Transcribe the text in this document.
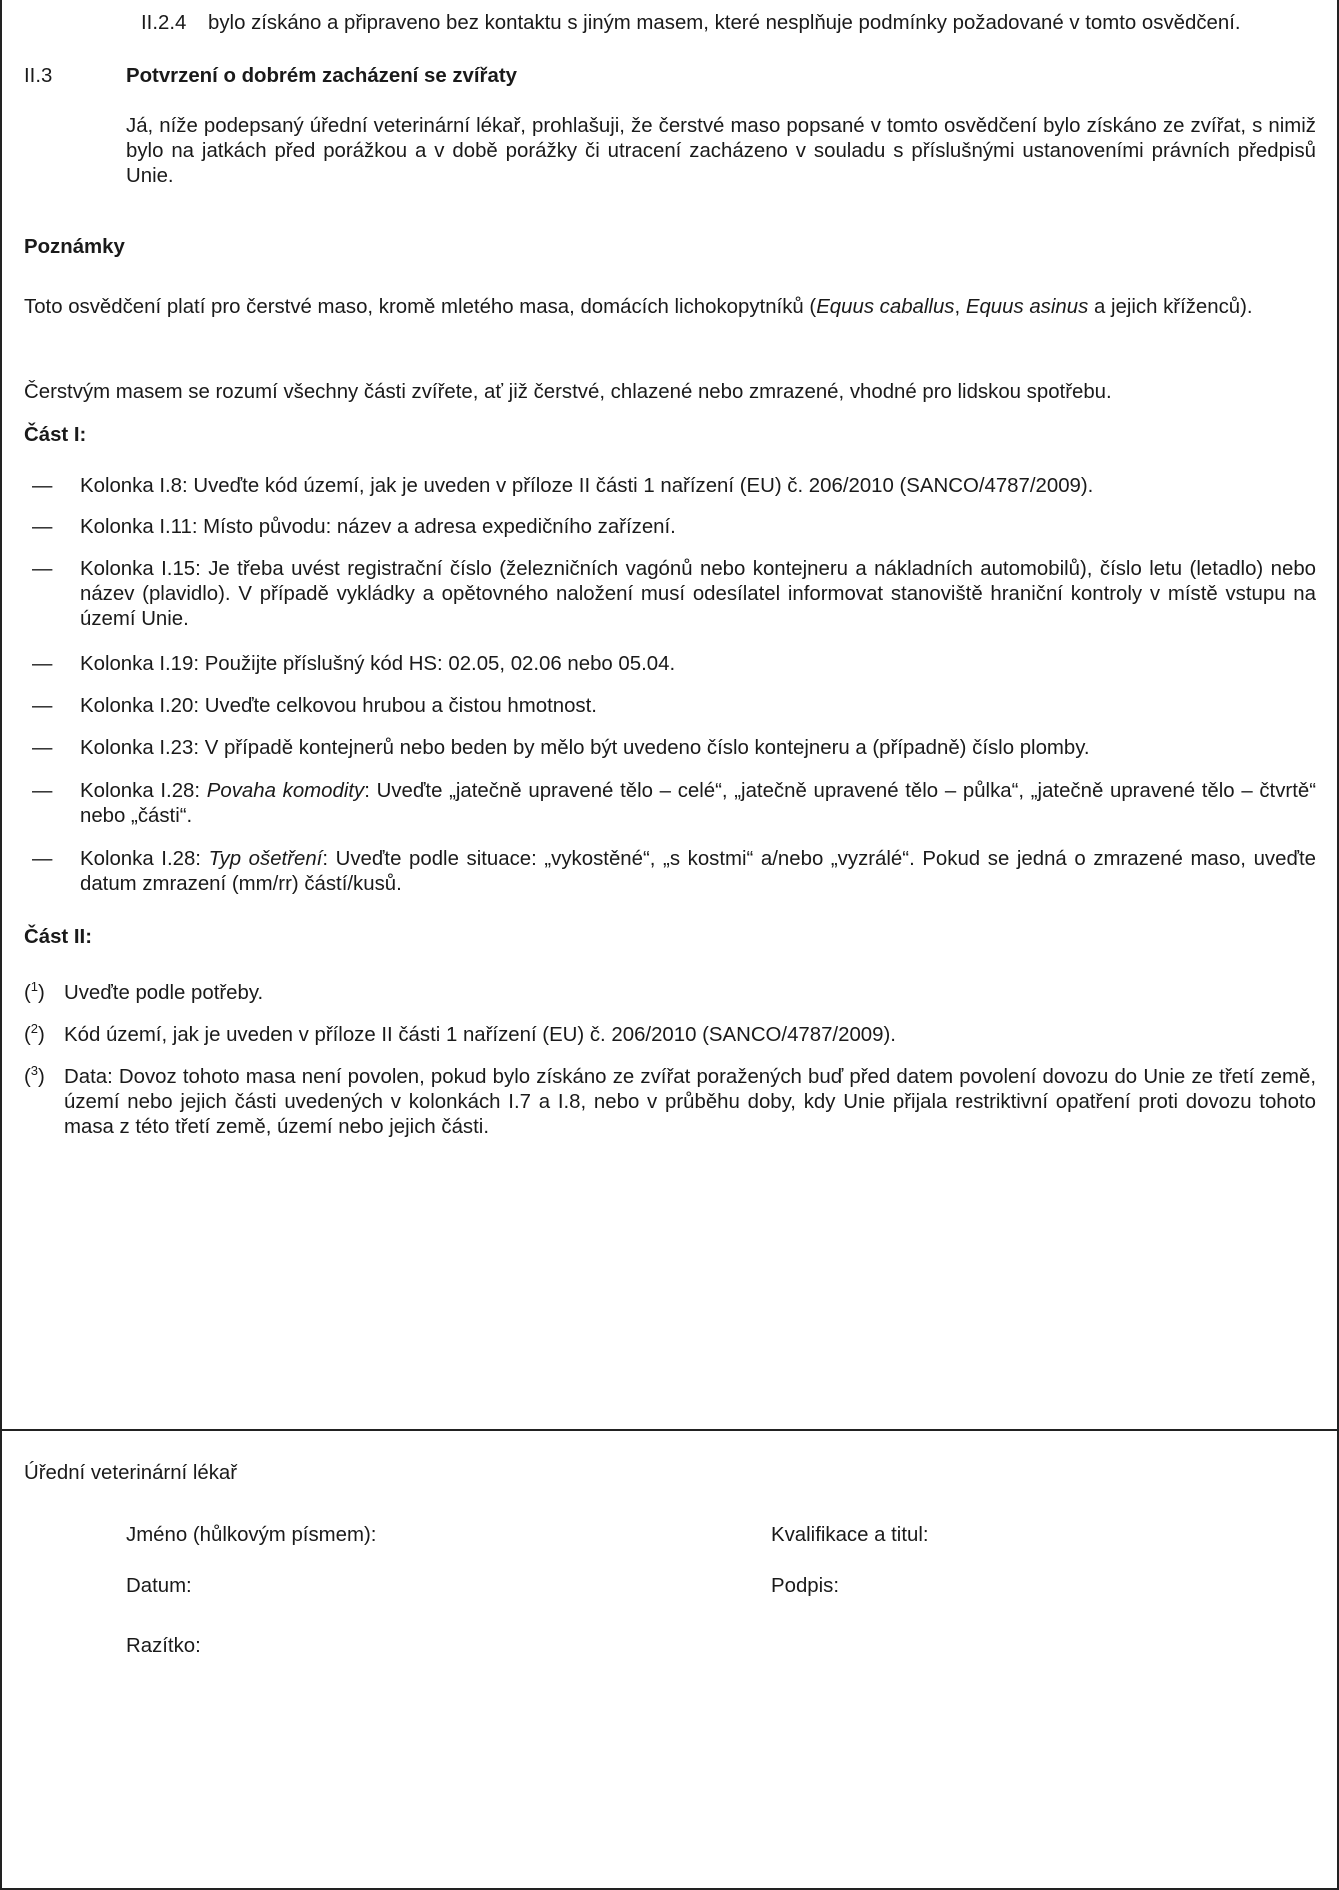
II.2.4 bylo získáno a připraveno bez kontaktu s jiným masem, které nesplňuje podmínky požadované v tomto osvědčení.

II.3	Potvrzení o dobrém zacházení se zvířaty

Já, níže podepsaný úřední veterinární lékař, prohlašuji, že čerstvé maso popsané v tomto osvědčení bylo získáno ze zvířat, s nimiž bylo na jatkách před porážkou a v době porážky či utracení zacházeno v souladu s příslušnými ustanoveními právních předpisů Unie.

Poznámky

Toto osvědčení platí pro čerstvé maso, kromě mletého masa, domácích lichokopytníků (Equus caballus, Equus asinus a jejich kříženců).

Čerstvým masem se rozumí všechny části zvířete, ať již čerstvé, chlazené nebo zmrazené, vhodné pro lidskou spotřebu.

Část I:

— Kolonka I.8: Uveďte kód území, jak je uveden v příloze II části 1 nařízení (EU) č. 206/2010 (SANCO/4787/2009).

— Kolonka I.11: Místo původu: název a adresa expedičního zařízení.

— Kolonka I.15: Je třeba uvést registrační číslo (železničních vagónů nebo kontejneru a nákladních automobilů), číslo letu (letadlo) nebo název (plavidlo). V případě vykládky a opětovného naložení musí odesílatel informovat stanoviště hraniční kontroly v místě vstupu na území Unie.

— Kolonka I.19: Použijte příslušný kód HS: 02.05, 02.06 nebo 05.04.

— Kolonka I.20: Uveďte celkovou hrubou a čistou hmotnost.

— Kolonka I.23: V případě kontejnerů nebo beden by mělo být uvedeno číslo kontejneru a (případně) číslo plomby.

— Kolonka I.28: Povaha komodity: Uveďte „jatečně upravené tělo – celé“, „jatečně upravené tělo – půlka“, „jatečně upravené tělo – čtvrtě“ nebo „části“.

— Kolonka I.28: Typ ošetření: Uveďte podle situace: „vykostěné“, „s kostmi“ a/nebo „vyzrálé“. Pokud se jedná o zmrazené maso, uveďte datum zmrazení (mm/rr) částí/kusů.

Část II:

($^1$) Uveďte podle potřeby.

($^2$) Kód území, jak je uveden v příloze II části 1 nařízení (EU) č. 206/2010 (SANCO/4787/2009).

($^3$) Data: Dovoz tohoto masa není povolen, pokud bylo získáno ze zvířat poražených buď před datem povolení dovozu do Unie ze třetí země, území nebo jejich části uvedených v kolonkách I.7 a I.8, nebo v průběhu doby, kdy Unie přijala restriktivní opatření proti dovozu tohoto masa z této třetí země, území nebo jejich části.

Úřední veterinární lékař

Jméno (hůlkovým písmem):	Kvalifikace a titul:

Datum:	Podpis:

Razítko:
